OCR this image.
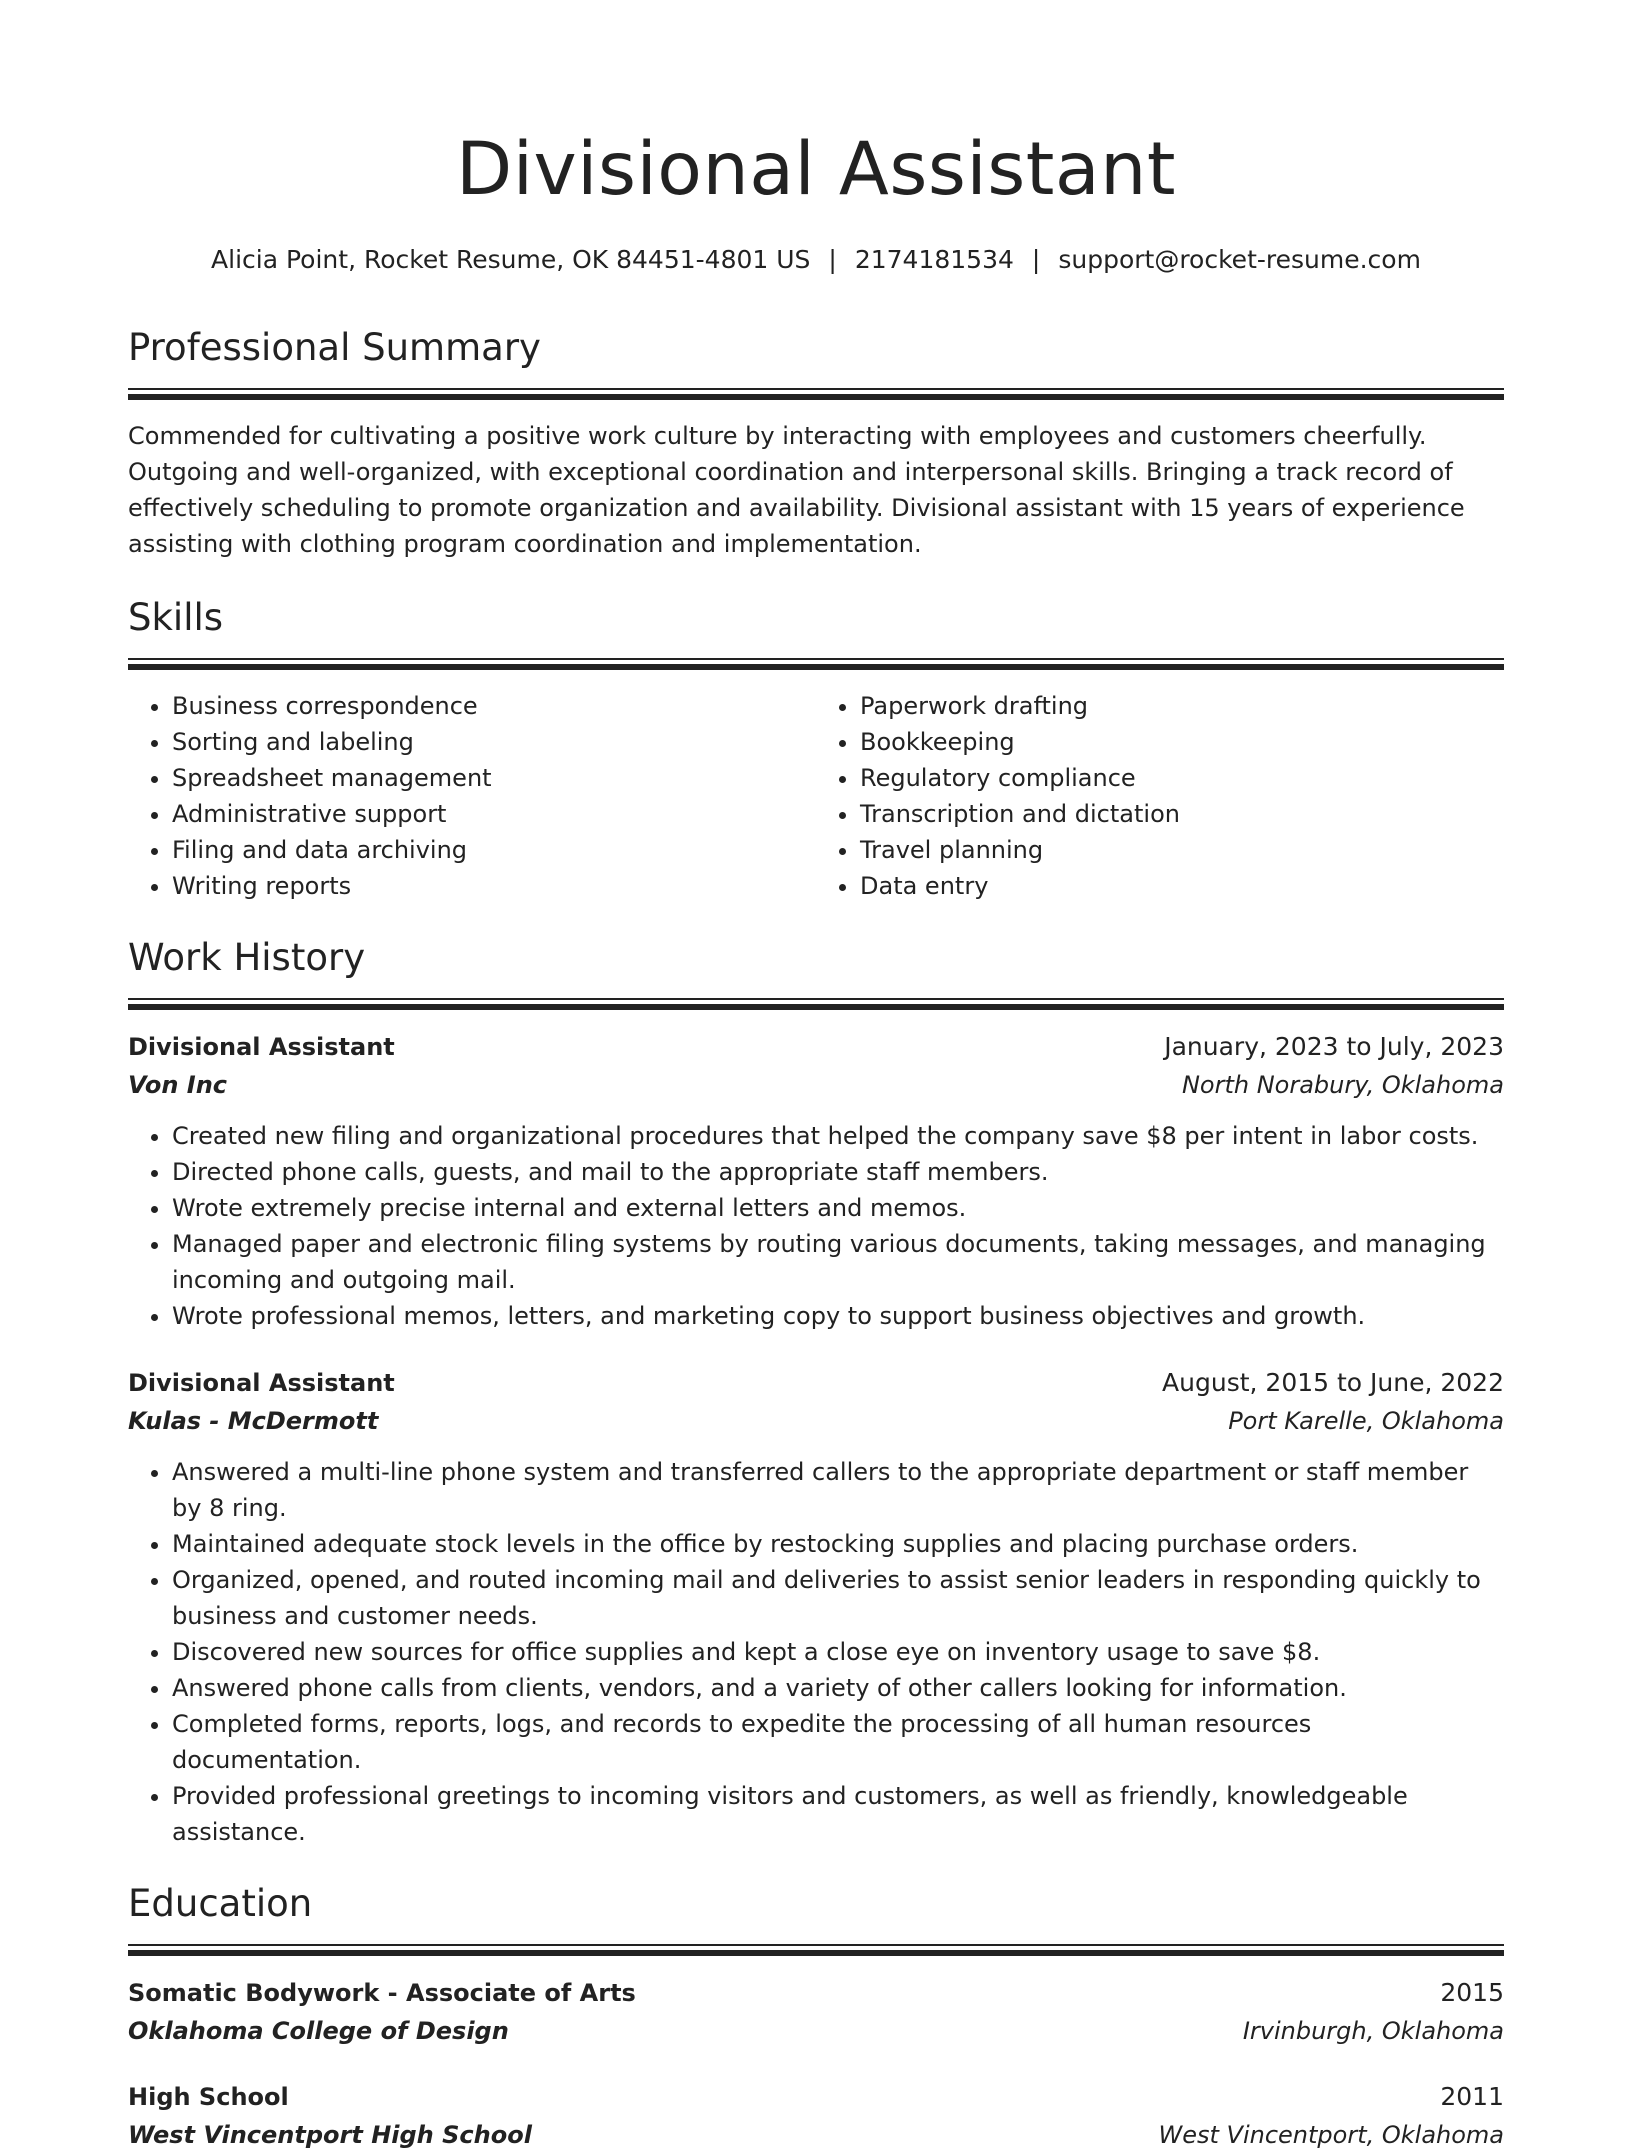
Divisional Assistant
Alicia Point, Rocket Resume, OK 84451-4801 US | 2174181534 | support@rocket-resume.com
Professional Summary

Commended for cultivating a positive work culture by interacting with employees and customers cheerfully. Outgoing and well-organized, with exceptional coordination and interpersonal skills. Bringing a track record of effectively scheduling to promote organization and availability. Divisional assistant with 15 years of experience assisting with clothing program coordination and implementation.

Skills
• Business correspondence
• Sorting and labeling
• Spreadsheet management
• Administrative support
• Filing and data archiving
• Writing reports
• Paperwork drafting
• Bookkeeping
• Regulatory compliance
• Transcription and dictation
• Travel planning
• Data entry
Work History
Divisional Assistant	January, 2023 to July, 2023
Von Inc	North Norabury, Oklahoma
• Created new filing and organizational procedures that helped the company save $8 per intent in labor costs.
• Directed phone calls, guests, and mail to the appropriate staff members.
• Wrote extremely precise internal and external letters and memos.
• Managed paper and electronic filing systems by routing various documents, taking messages, and managing incoming and outgoing mail.
• Wrote professional memos, letters, and marketing copy to support business objectives and growth.
Divisional Assistant	August, 2015 to June, 2022
Kulas - McDermott	Port Karelle, Oklahoma
• Answered a multi-line phone system and transferred callers to the appropriate department or staff member by 8 ring.
• Maintained adequate stock levels in the office by restocking supplies and placing purchase orders.
• Organized, opened, and routed incoming mail and deliveries to assist senior leaders in responding quickly to business and customer needs.
• Discovered new sources for office supplies and kept a close eye on inventory usage to save $8.
• Answered phone calls from clients, vendors, and a variety of other callers looking for information.
• Completed forms, reports, logs, and records to expedite the processing of all human resources documentation.
• Provided professional greetings to incoming visitors and customers, as well as friendly, knowledgeable assistance.
Education
Somatic Bodywork - Associate of Arts	2015
Oklahoma College of Design	Irvinburgh, Oklahoma
High School	2011
West Vincentport High School	West Vincentport, Oklahoma
